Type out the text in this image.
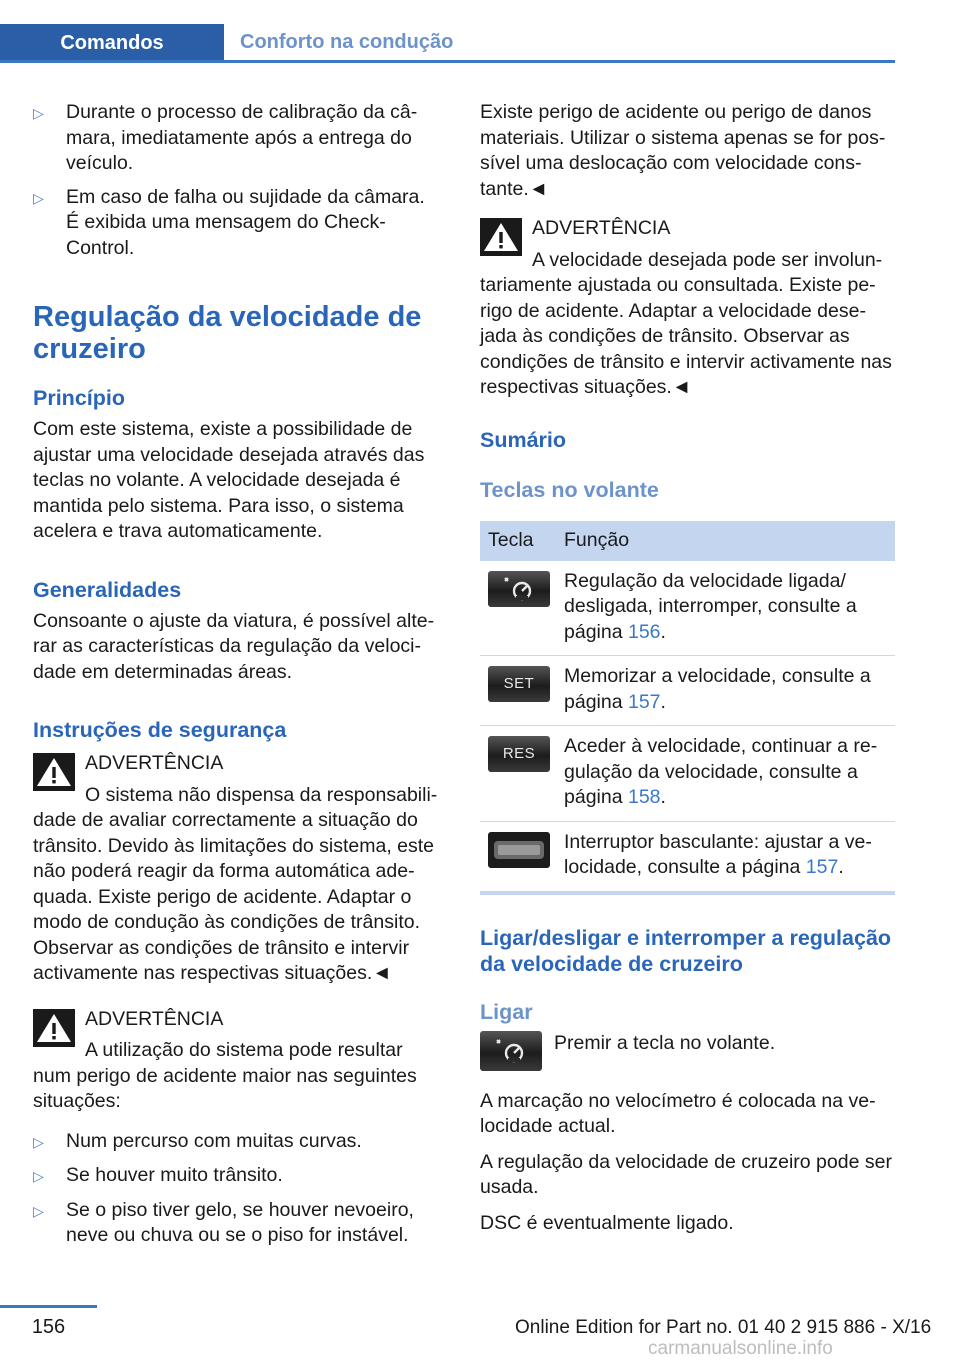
Comandos	Conforto na condução
▷	Durante o processo de calibração da câmara, imediatamente após a entrega do veículo.
▷	Em caso de falha ou sujidade da câmara. É exibida uma mensagem do Check-Control.
Regulação da velocidade de cruzeiro
Princípio

Com este sistema, existe a possibilidade de ajustar uma velocidade desejada através das teclas no volante. A velocidade desejada é mantida pelo sistema. Para isso, o sistema acelera e trava automaticamente.

Generalidades

Consoante o ajuste da viatura, é possível alterar as características da regulação da velocidade em determinadas áreas.

Instruções de segurança

ADVERTÊNCIA

O sistema não dispensa da responsabilidade de avaliar correctamente a situação do trânsito. Devido às limitações do sistema, este não poderá reagir da forma automática adequada. Existe perigo de acidente. Adaptar o modo de condução às condições de trânsito. Observar as condições de trânsito e intervir activamente nas respectivas situações.◄

ADVERTÊNCIA

A utilização do sistema pode resultar num perigo de acidente maior nas seguintes situações:

▷	Num percurso com muitas curvas.
▷	Se houver muito trânsito.
▷	Se o piso tiver gelo, se houver nevoeiro, neve ou chuva ou se o piso for instável.

Existe perigo de acidente ou perigo de danos materiais. Utilizar o sistema apenas se for possível uma deslocação com velocidade constante.◄

ADVERTÊNCIA

A velocidade desejada pode ser involuntariamente ajustada ou consultada. Existe perigo de acidente. Adaptar a velocidade desejada às condições de trânsito. Observar as condições de trânsito e intervir activamente nas respectivas situações.◄

Sumário
Teclas no volante
Tecla	Função

	Regulação da velocidade ligada/ desligada, interromper, consulte a página 156.

SET	Memorizar a velocidade, consulte a página 157.

RES	Aceder à velocidade, continuar a regulação da velocidade, consulte a página 158.

	Interruptor basculante: ajustar a velocidade, consulte a página 157.
Ligar/desligar e interromper a regulação da velocidade de cruzeiro
Ligar
Premir a tecla no volante.

A marcação no velocímetro é colocada na velocidade actual.

A regulação da velocidade de cruzeiro pode ser usada.

DSC é eventualmente ligado.

156	Online Edition for Part no. 01 40 2 915 886 - X/16
carmanualsonline.info
